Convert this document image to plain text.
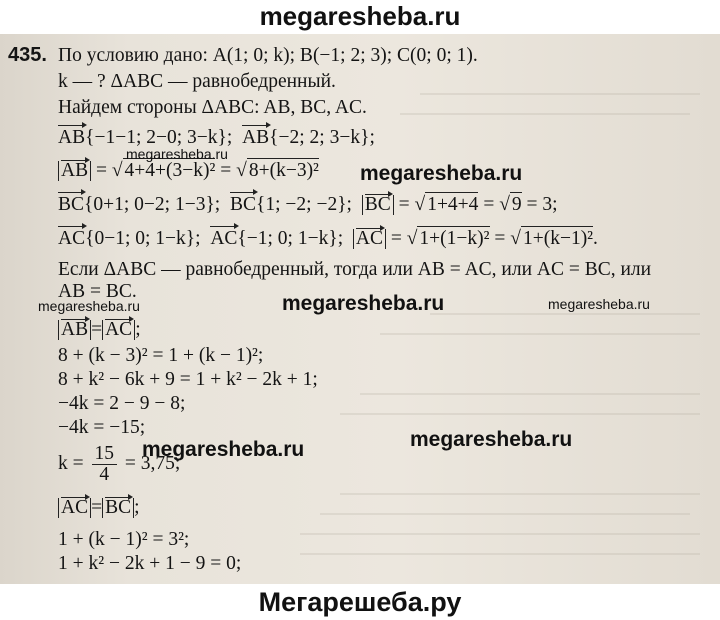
megaresheba.ru
435. По условию дано: A(1; 0; k); B(−1; 2; 3); C(0; 0; 1).
k — ? ΔABC — равнобедренный.
Найдем стороны ΔABC: AB, BC, AC.
AB{−1−1; 2−0; 3−k}; AB{−2; 2; 3−k};
AB = √ 4+4+(3−k)² = √ 8+(k−3)²
BC{0+1; 0−2; 1−3}; BC{1; −2; −2}; BC = √ 1+4+4 = √ 9 = 3;
AC{0−1; 0; 1−k}; AC{−1; 0; 1−k}; AC = √ 1+(1−k)² = √ 1+(k−1)².
Если ΔABC — равнобедренный, тогда или AB = AC, или AC = BC, или
AB = BC.
AB = AC ;
8 + (k − 3)² = 1 + (k − 1)²;
8 + k² − 6k + 9 = 1 + k² − 2k + 1;
−4k = 2 − 9 − 8;
−4k = −15;
$k = \frac{15}{4} = 3,75$;
AC = BC ;
1 + (k − 1)² = 3²;
1 + k² − 2k + 1 − 9 = 0;
megaresheba.ru
megaresheba.ru
megaresheba.ru	megaresheba.ru	megaresheba.ru
megaresheba.ru	megaresheba.ru
Мегарешеба.ру
